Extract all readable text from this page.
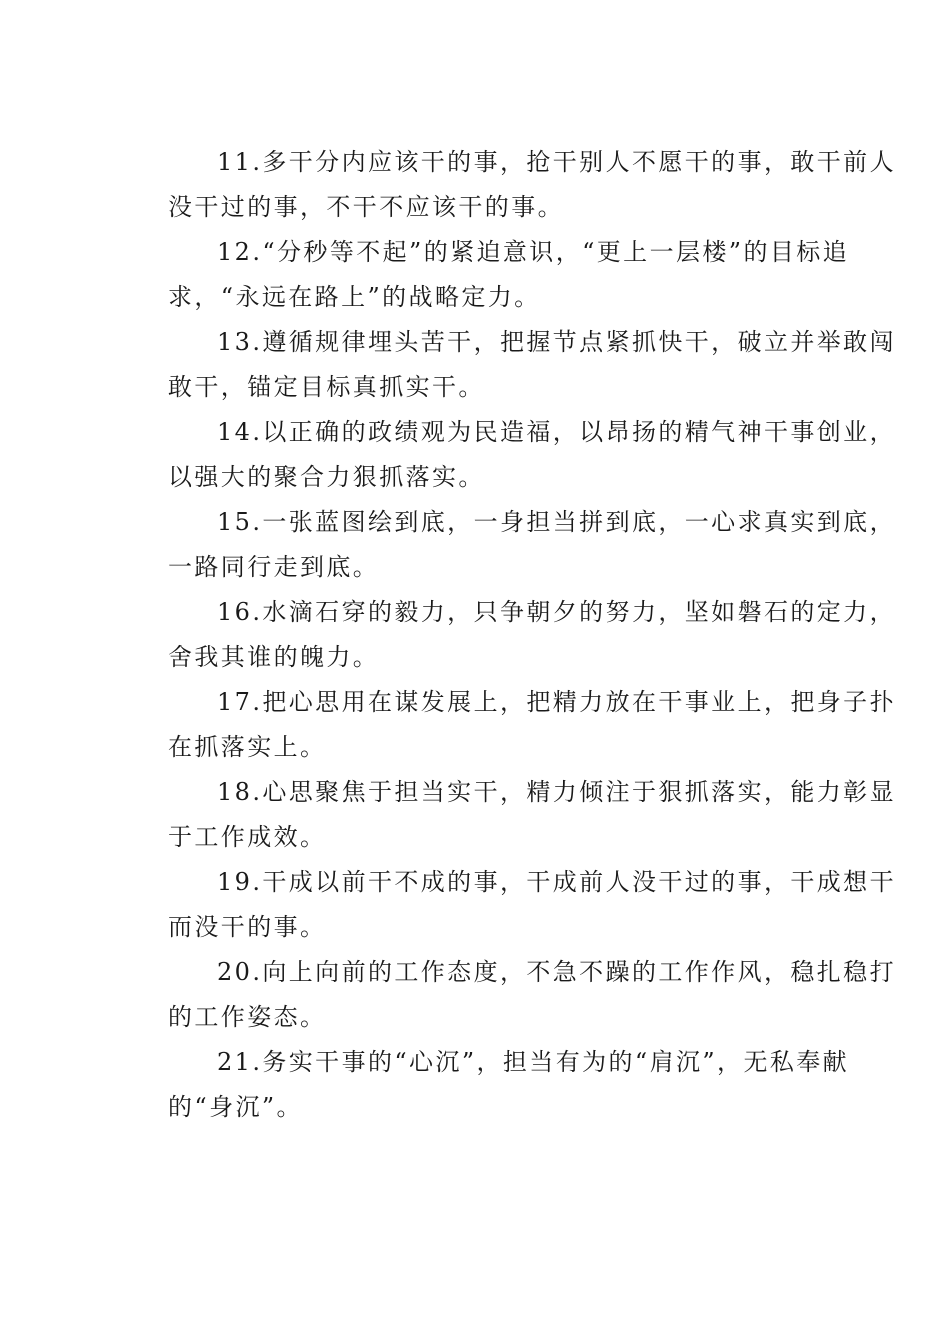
11.多干分内应该干的事，抢干别人不愿干的事，敢干前人
没干过的事，不干不应该干的事。
12.“分秒等不起”的紧迫意识，“更上一层楼”的目标追
求，“永远在路上”的战略定力。
13.遵循规律埋头苦干，把握节点紧抓快干，破立并举敢闯
敢干，锚定目标真抓实干。
14.以正确的政绩观为民造福，以昂扬的精气神干事创业，
以强大的聚合力狠抓落实。
15.一张蓝图绘到底，一身担当拼到底，一心求真实到底，
一路同行走到底。
16.水滴石穿的毅力，只争朝夕的努力，坚如磐石的定力，
舍我其谁的魄力。
17.把心思用在谋发展上，把精力放在干事业上，把身子扑
在抓落实上。
18.心思聚焦于担当实干，精力倾注于狠抓落实，能力彰显
于工作成效。
19.干成以前干不成的事，干成前人没干过的事，干成想干
而没干的事。
20.向上向前的工作态度，不急不躁的工作作风，稳扎稳打
的工作姿态。
21.务实干事的“心沉”，担当有为的“肩沉”，无私奉献
的“身沉”。
